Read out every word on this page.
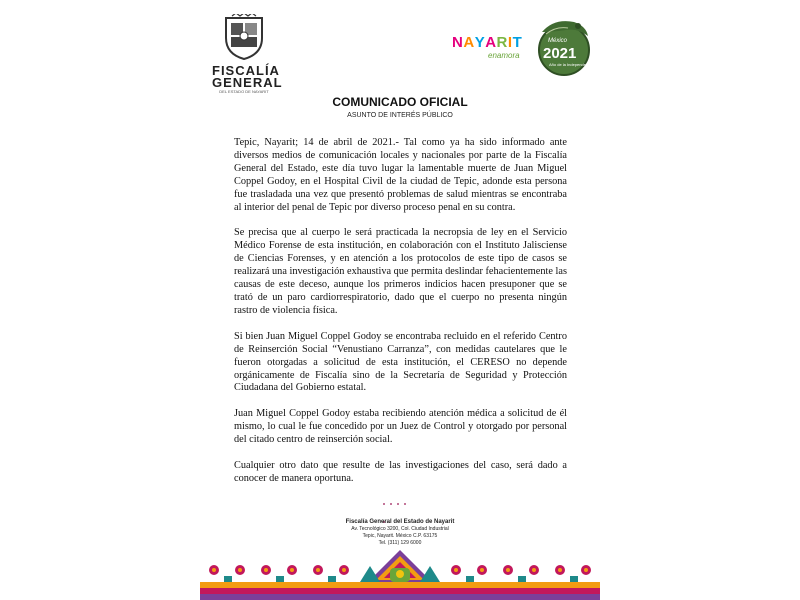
FISCALÍA
GENERAL
DEL ESTADO DE NAYARIT
NAYARIT
enamora
México
2021
Año de la Independencia
COMUNICADO OFICIAL
ASUNTO DE INTERÉS PÚBLICO

Tepic, Nayarit; 14 de abril de 2021.- Tal como ya ha sido informado ante diversos medios de comunicación locales y nacionales por parte de la Fiscalía General del Estado, este día tuvo lugar la lamentable muerte de Juan Miguel Coppel Godoy, en el Hospital Civil de la ciudad de Tepic, adonde esta persona fue trasladada una vez que presentó problemas de salud mientras se encontraba al interior del penal de Tepic por diverso proceso penal en su contra.

Se precisa que al cuerpo le será practicada la necropsia de ley en el Servicio Médico Forense de esta institución, en colaboración con el Instituto Jalisciense de Ciencias Forenses, y en atención a los protocolos de este tipo de casos se realizará una investigación exhaustiva que permita deslindar fehacientemente las causas de este deceso, aunque los primeros indicios hacen presuponer que se trató de un paro cardiorrespiratorio, dado que el cuerpo no presenta ningún rastro de violencia física.

Si bien Juan Miguel Coppel Godoy se encontraba recluido en el referido Centro de Reinserción Social “Venustiano Carranza”, con medidas cautelares que le fueron otorgadas a solicitud de esta institución, el CERESO no depende orgánicamente de Fiscalía sino de la Secretaría de Seguridad y Protección Ciudadana del Gobierno estatal.

Juan Miguel Coppel Godoy estaba recibiendo atención médica a solicitud de él mismo, lo cual le fue concedido por un Juez de Control y otorgado por personal del citado centro de reinserción social.

Cualquier otro dato que resulte de las investigaciones del caso, será dado a conocer de manera oportuna.

Fiscalía General del Estado de Nayarit
Av. Tecnológico 3200, Col. Ciudad Industrial
Tepic, Nayarit. México C.P. 63175
Tel. (311) 129 6000
